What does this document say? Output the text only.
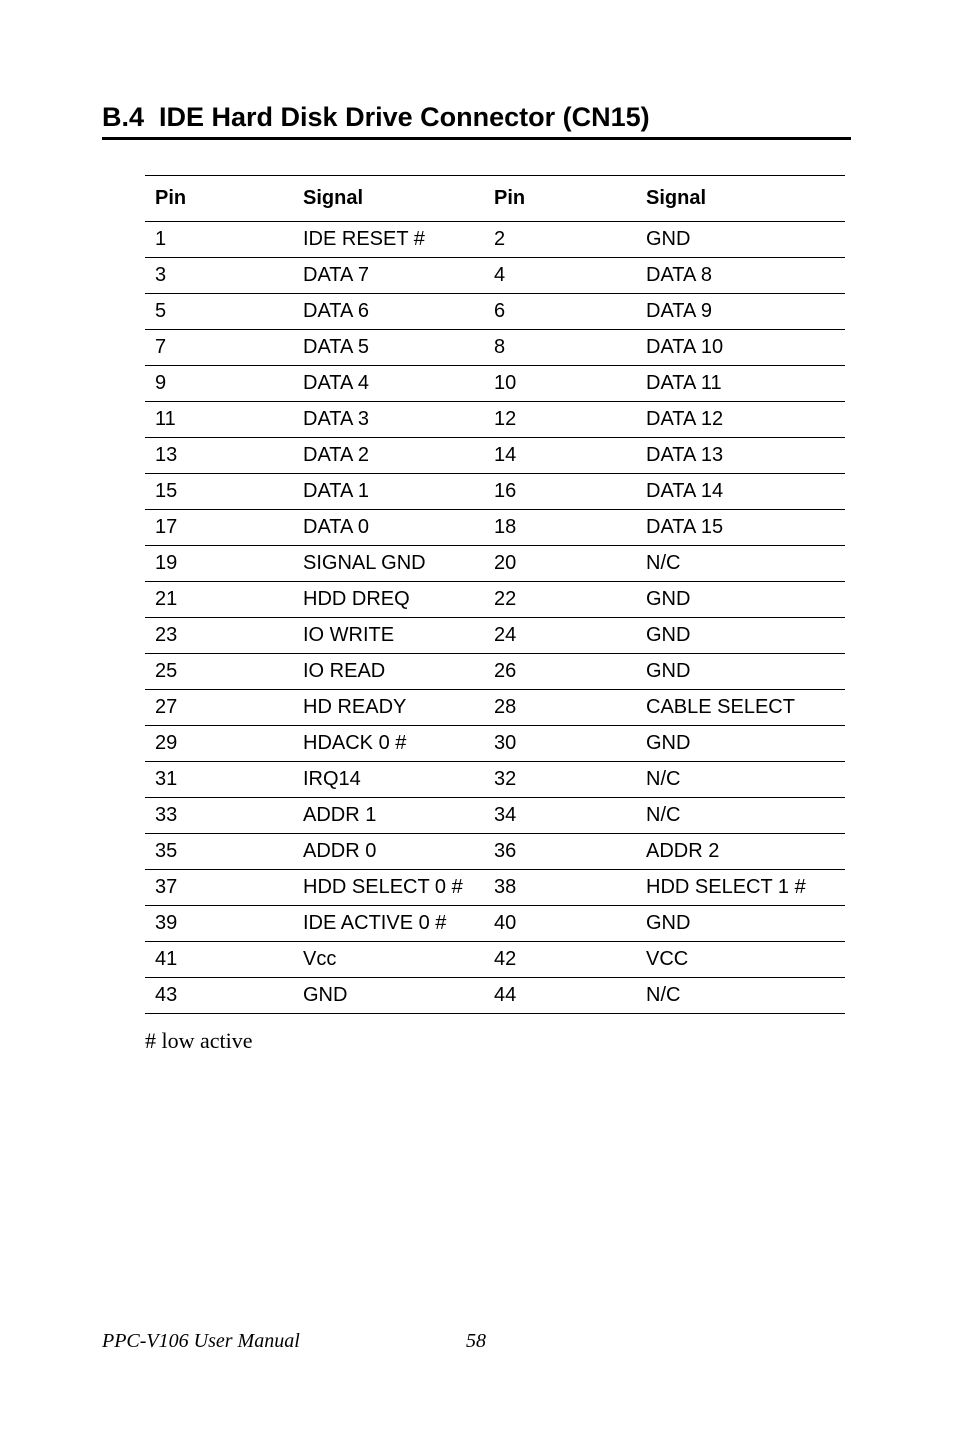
B.4  IDE Hard Disk Drive Connector (CN15)
Pin	Signal	Pin	Signal
1	IDE RESET #	2	GND
3	DATA 7	4	DATA 8
5	DATA 6	6	DATA 9
7	DATA 5	8	DATA 10
9	DATA 4	10	DATA 11
11	DATA 3	12	DATA 12
13	DATA 2	14	DATA 13
15	DATA 1	16	DATA 14
17	DATA 0	18	DATA 15
19	SIGNAL GND	20	N/C
21	HDD DREQ	22	GND
23	IO WRITE	24	GND
25	IO READ	26	GND
27	HD READY	28	CABLE SELECT
29	HDACK 0 #	30	GND
31	IRQ14	32	N/C
33	ADDR 1	34	N/C
35	ADDR 0	36	ADDR 2
37	HDD SELECT 0 #	38	HDD SELECT 1 #
39	IDE ACTIVE 0 #	40	GND
41	Vcc	42	VCC
43	GND	44	N/C

# low active

PPC-V106 User Manual	58
